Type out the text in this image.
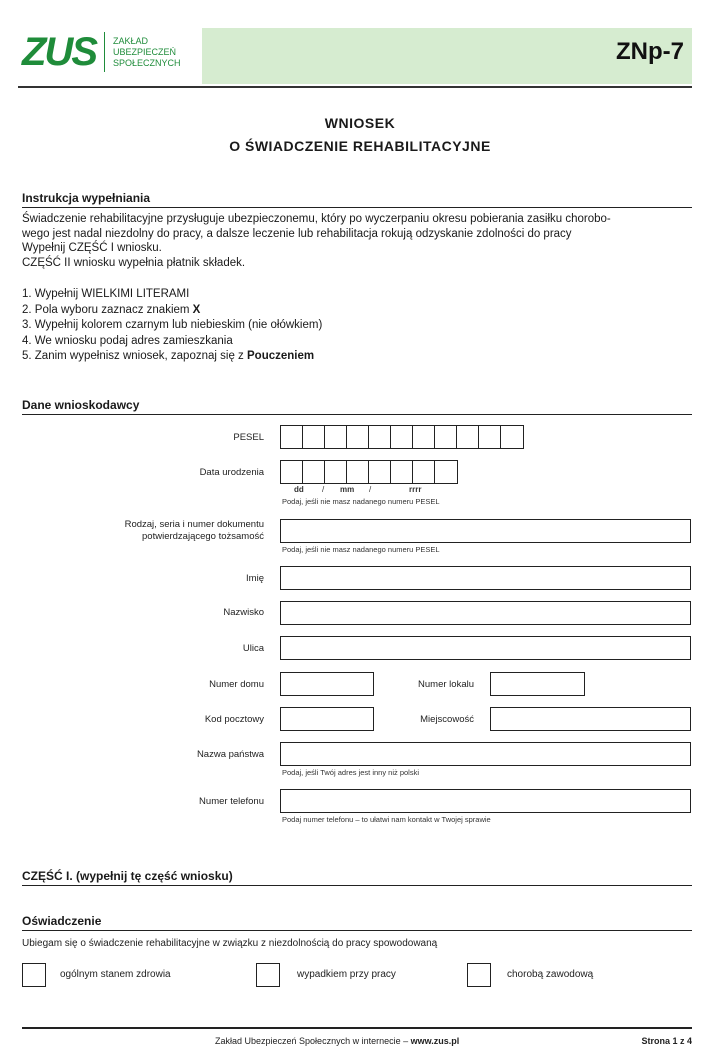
ZUS ZAKŁAD
UBEZPIECZEŃ
SPOŁECZNYCH	ZNp-7
WNIOSEK
O ŚWIADCZENIE REHABILITACYJNE
Instrukcja wypełniania
Świadczenie rehabilitacyjne przysługuje ubezpieczonemu, który po wyczerpaniu okresu pobierania zasiłku chorobo-
wego jest nadal niezdolny do pracy, a dalsze leczenie lub rehabilitacja rokują odzyskanie zdolności do pracy
Wypełnij CZĘŚĆ I wniosku.
CZĘŚĆ II wniosku wypełnia płatnik składek.
1. Wypełnij WIELKIMI LITERAMI
2. Pola wyboru zaznacz znakiem X
3. Wypełnij kolorem czarnym lub niebieskim (nie ołówkiem)
4. We wniosku podaj adres zamieszkania
5. Zanim wypełnisz wniosek, zapoznaj się z Pouczeniem
Dane wnioskodawcy
PESEL
Data urodzenia
dd / mm /	rrrr
Podaj, jeśli nie masz nadanego numeru PESEL
Rodzaj, seria i numer dokumentu
potwierdzającego tożsamość
Podaj, jeśli nie masz nadanego numeru PESEL
Imię
Nazwisko
Ulica
Numer domu	Numer lokalu
Kod pocztowy	Miejscowość
Nazwa państwa
Podaj, jeśli Twój adres jest inny niż polski
Numer telefonu
Podaj numer telefonu – to ułatwi nam kontakt w Twojej sprawie
CZĘŚĆ I. (wypełnij tę część wniosku)
Oświadczenie
Ubiegam się o świadczenie rehabilitacyjne w związku z niezdolnością do pracy spowodowaną
ogólnym stanem zdrowia	wypadkiem przy pracy	chorobą zawodową
Zakład Ubezpieczeń Społecznych w internecie – www.zus.pl	Strona 1 z 4
